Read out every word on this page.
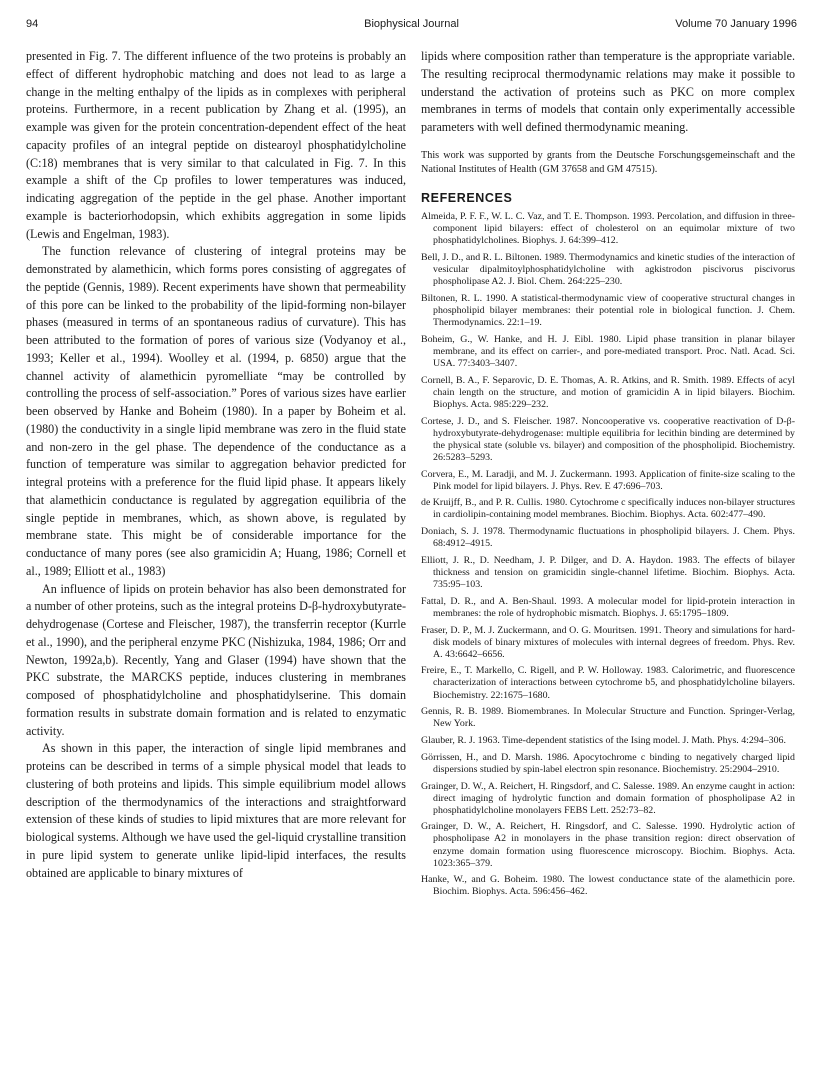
94	Biophysical Journal	Volume 70 January 1996

presented in Fig. 7. The different influence of the two proteins is probably an effect of different hydrophobic matching and does not lead to as large a change in the melting enthalpy of the lipids as in complexes with peripheral proteins. Furthermore, in a recent publication by Zhang et al. (1995), an example was given for the protein concentration-dependent effect of the heat capacity profiles of an integral peptide on distearoyl phosphatidylcholine (C:18) membranes that is very similar to that calculated in Fig. 7. In this example a shift of the Cp profiles to lower temperatures was induced, indicating aggregation of the peptide in the gel phase. Another important example is bacteriorhodopsin, which exhibits aggregation in some lipids (Lewis and Engelman, 1983).

The function relevance of clustering of integral proteins may be demonstrated by alamethicin, which forms pores consisting of aggregates of the peptide (Gennis, 1989). Recent experiments have shown that permeability of this pore can be linked to the probability of the lipid-forming non-bilayer phases (measured in terms of an spontaneous radius of curvature). This has been attributed to the formation of pores of various size (Vodyanoy et al., 1993; Keller et al., 1994). Woolley et al. (1994, p. 6850) argue that the channel activity of alamethicin pyromelliate “may be controlled by controlling the process of self-association.” Pores of various sizes have earlier been observed by Hanke and Boheim (1980). In a paper by Boheim et al. (1980) the conductivity in a single lipid membrane was zero in the fluid state and non-zero in the gel phase. The dependence of the conductance as a function of temperature was similar to aggregation behavior predicted for integral proteins with a preference for the fluid lipid phase. It appears likely that alamethicin conductance is regulated by aggregation equilibria of the single peptide in membranes, which, as shown above, is regulated by membrane state. This might be of considerable importance for the conductance of many pores (see also gramicidin A; Huang, 1986; Cornell et al., 1989; Elliott et al., 1983)

An influence of lipids on protein behavior has also been demonstrated for a number of other proteins, such as the integral proteins D-β-hydroxybutyrate-dehydrogenase (Cortese and Fleischer, 1987), the transferrin receptor (Kurrle et al., 1990), and the peripheral enzyme PKC (Nishizuka, 1984, 1986; Orr and Newton, 1992a,b). Recently, Yang and Glaser (1994) have shown that the PKC substrate, the MARCKS peptide, induces clustering in membranes composed of phosphatidylcholine and phosphatidylserine. This domain formation results in substrate domain formation and is related to enzymatic activity.

As shown in this paper, the interaction of single lipid membranes and proteins can be described in terms of a simple physical model that leads to clustering of both proteins and lipids. This simple equilibrium model allows description of the thermodynamics of the interactions and straightforward extension of these kinds of studies to lipid mixtures that are more relevant for biological systems. Although we have used the gel-liquid crystalline transition in pure lipid system to generate unlike lipid-lipid interfaces, the results obtained are applicable to binary mixtures of

lipids where composition rather than temperature is the appropriate variable. The resulting reciprocal thermodynamic relations may make it possible to understand the activation of proteins such as PKC on more complex membranes in terms of models that contain only experimentally accessible parameters with well defined thermodynamic meaning.

This work was supported by grants from the Deutsche Forschungsgemeinschaft and the National Institutes of Health (GM 37658 and GM 47515).

REFERENCES

Almeida, P. F. F., W. L. C. Vaz, and T. E. Thompson. 1993. Percolation, and diffusion in three-component lipid bilayers: effect of cholesterol on an equimolar mixture of two phosphatidylcholines. Biophys. J. 64:399–412.

Bell, J. D., and R. L. Biltonen. 1989. Thermodynamics and kinetic studies of the interaction of vesicular dipalmitoylphosphatidylcholine with agkistrodon piscivorus piscivorus phospholipase A2. J. Biol. Chem. 264:225–230.

Biltonen, R. L. 1990. A statistical-thermodynamic view of cooperative structural changes in phospholipid bilayer membranes: their potential role in biological function. J. Chem. Thermodynamics. 22:1–19.

Boheim, G., W. Hanke, and H. J. Eibl. 1980. Lipid phase transition in planar bilayer membrane, and its effect on carrier-, and pore-mediated transport. Proc. Natl. Acad. Sci. USA. 77:3403–3407.

Cornell, B. A., F. Separovic, D. E. Thomas, A. R. Atkins, and R. Smith. 1989. Effects of acyl chain length on the structure, and motion of gramicidin A in lipid bilayers. Biochim. Biophys. Acta. 985:229–232.

Cortese, J. D., and S. Fleischer. 1987. Noncooperative vs. cooperative reactivation of D-β-hydroxybutyrate-dehydrogenase: multiple equilibria for lecithin binding are determined by the physical state (soluble vs. bilayer) and composition of the phospholipid. Biochemistry. 26:5283–5293.

Corvera, E., M. Laradji, and M. J. Zuckermann. 1993. Application of finite-size scaling to the Pink model for lipid bilayers. J. Phys. Rev. E 47:696–703.

de Kruijff, B., and P. R. Cullis. 1980. Cytochrome c specifically induces non-bilayer structures in cardiolipin-containing model membranes. Biochim. Biophys. Acta. 602:477–490.

Doniach, S. J. 1978. Thermodynamic fluctuations in phospholipid bilayers. J. Chem. Phys. 68:4912–4915.

Elliott, J. R., D. Needham, J. P. Dilger, and D. A. Haydon. 1983. The effects of bilayer thickness and tension on gramicidin single-channel lifetime. Biochim. Biophys. Acta. 735:95–103.

Fattal, D. R., and A. Ben-Shaul. 1993. A molecular model for lipid-protein interaction in membranes: the role of hydrophobic mismatch. Biophys. J. 65:1795–1809.

Fraser, D. P., M. J. Zuckermann, and O. G. Mouritsen. 1991. Theory and simulations for hard-disk models of binary mixtures of molecules with internal degrees of freedom. Phys. Rev. A. 43:6642–6656.

Freire, E., T. Markello, C. Rigell, and P. W. Holloway. 1983. Calorimetric, and fluorescence characterization of interactions between cytochrome b5, and phosphatidylcholine bilayers. Biochemistry. 22:1675–1680.

Gennis, R. B. 1989. Biomembranes. In Molecular Structure and Function. Springer-Verlag, New York.

Glauber, R. J. 1963. Time-dependent statistics of the Ising model. J. Math. Phys. 4:294–306.

Görrissen, H., and D. Marsh. 1986. Apocytochrome c binding to negatively charged lipid dispersions studied by spin-label electron spin resonance. Biochemistry. 25:2904–2910.

Grainger, D. W., A. Reichert, H. Ringsdorf, and C. Salesse. 1989. An enzyme caught in action: direct imaging of hydrolytic function and domain formation of phospholipase A2 in phosphatidylcholine monolayers FEBS Lett. 252:73–82.

Grainger, D. W., A. Reichert, H. Ringsdorf, and C. Salesse. 1990. Hydrolytic action of phospholipase A2 in monolayers in the phase transition region: direct observation of enzyme domain formation using fluorescence microscopy. Biochim. Biophys. Acta. 1023:365–379.

Hanke, W., and G. Boheim. 1980. The lowest conductance state of the alamethicin pore. Biochim. Biophys. Acta. 596:456–462.
